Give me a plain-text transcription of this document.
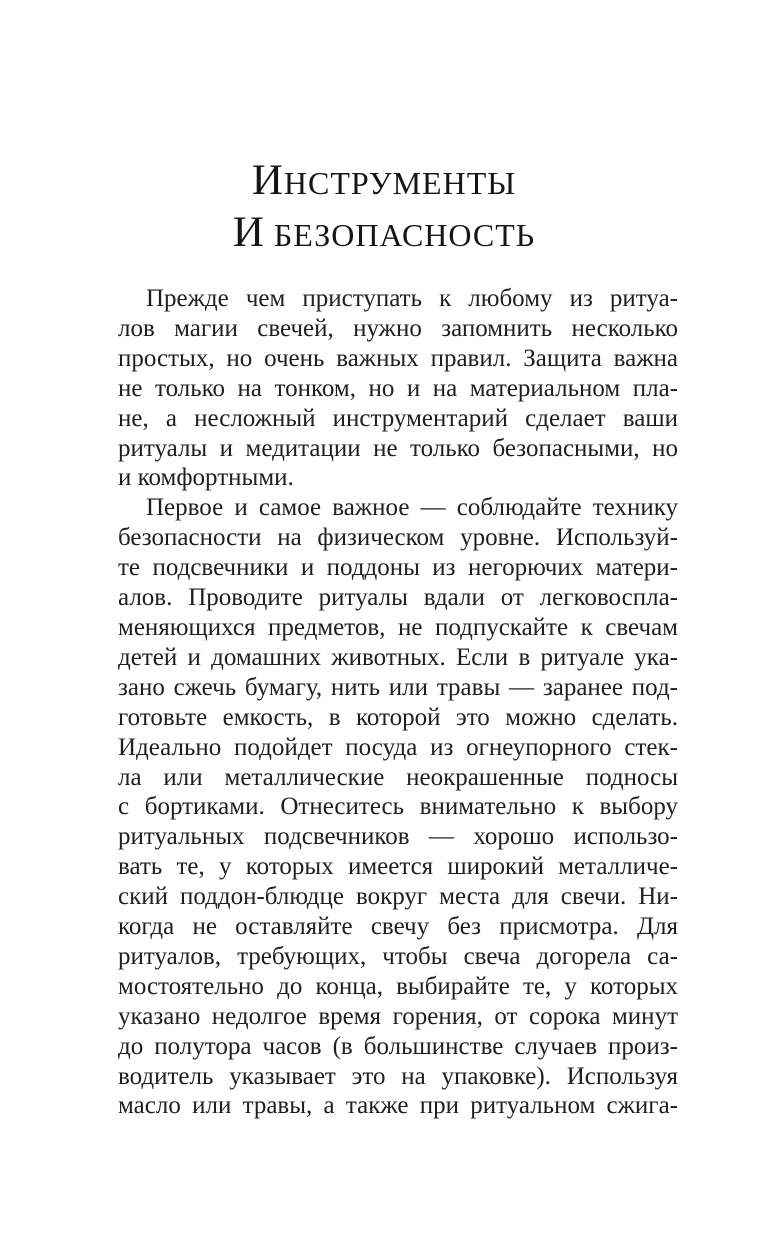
ИНСТРУМЕНТЫ
И БЕЗОПАСНОСТЬ
Прежде чем приступать к любому из ритуа-
лов магии свечей, нужно запомнить несколько
простых, но очень важных правил. Защита важна
не только на тонком, но и на материальном пла-
не, а несложный инструментарий сделает ваши
ритуалы и медитации не только безопасными, но
и комфортными.
Первое и самое важное — соблюдайте технику
безопасности на физическом уровне. Используй-
те подсвечники и поддоны из негорючих матери-
алов. Проводите ритуалы вдали от легковоспла-
меняющихся предметов, не подпускайте к свечам
детей и домашних животных. Если в ритуале ука-
зано сжечь бумагу, нить или травы — заранее под-
готовьте емкость, в которой это можно сделать.
Идеально подойдет посуда из огнеупорного стек-
ла или металлические неокрашенные подносы
с бортиками. Отнеситесь внимательно к выбору
ритуальных подсвечников — хорошо использо-
вать те, у которых имеется широкий металличе-
ский поддон-блюдце вокруг места для свечи. Ни-
когда не оставляйте свечу без присмотра. Для
ритуалов, требующих, чтобы свеча догорела са-
мостоятельно до конца, выбирайте те, у которых
указано недолгое время горения, от сорока минут
до полутора часов (в большинстве случаев произ-
водитель указывает это на упаковке). Используя
масло или травы, а также при ритуальном сжига-
